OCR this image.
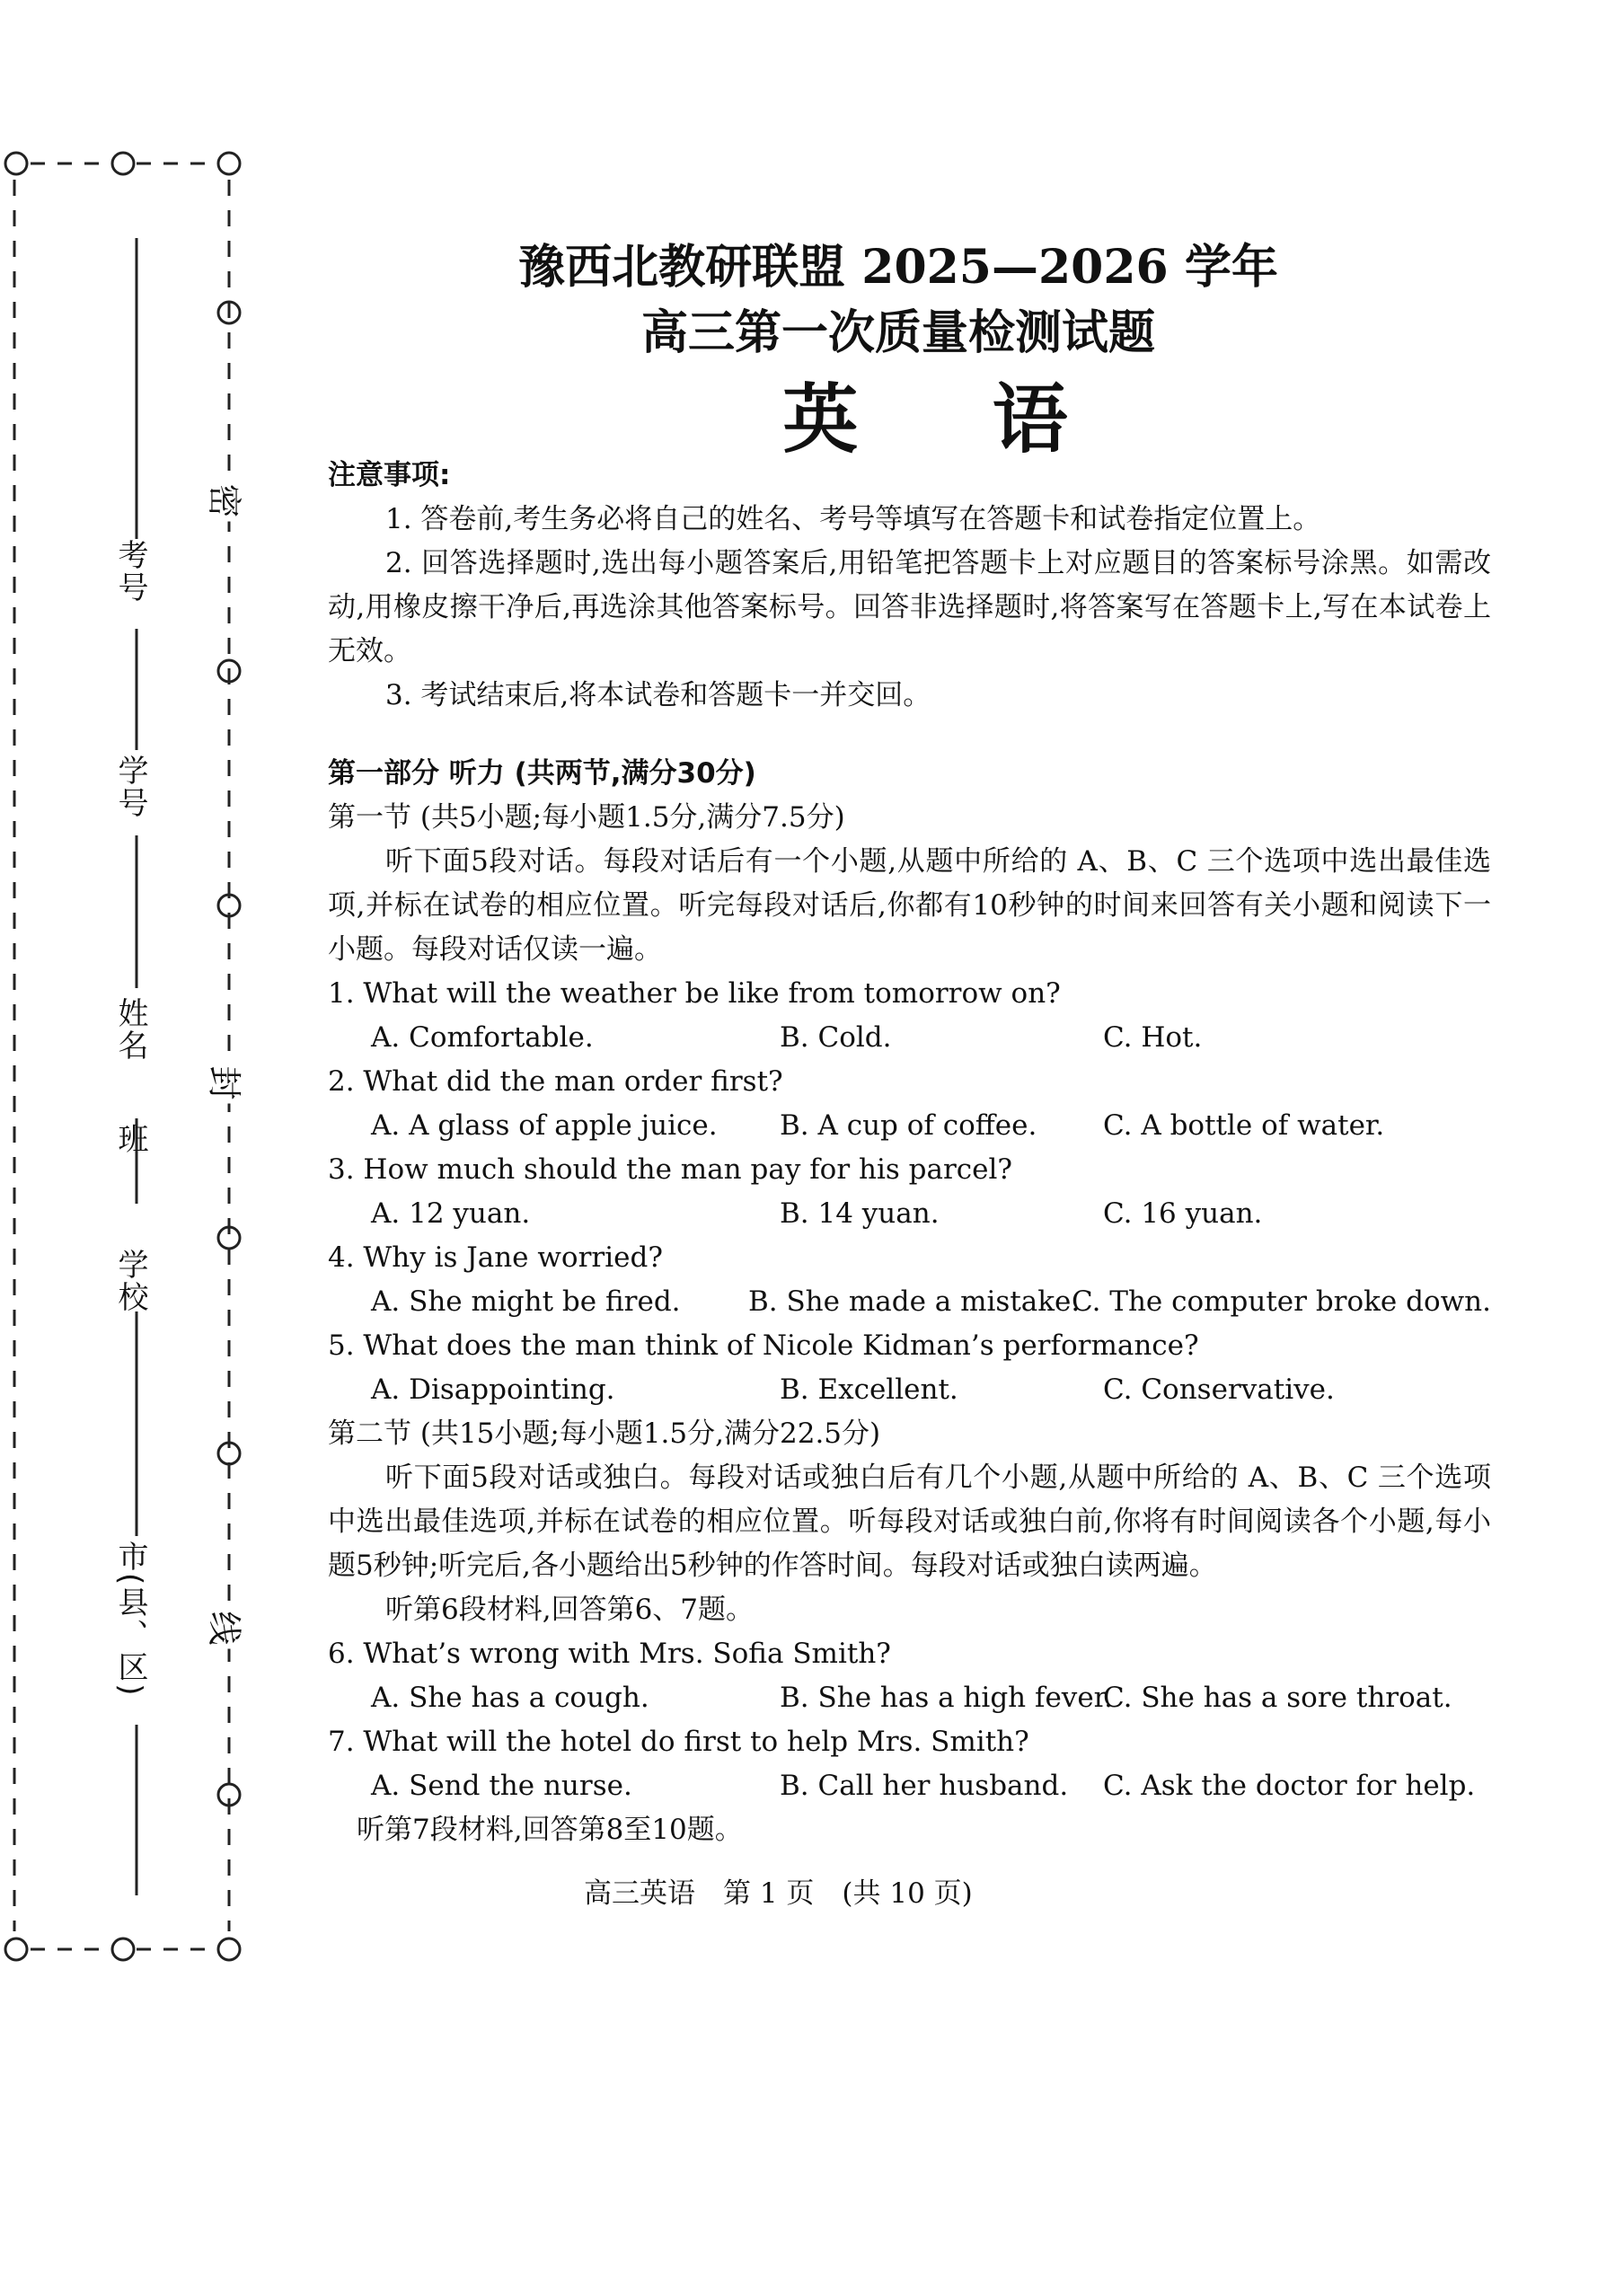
考号
学号
姓名
班
学校
市(县、区)
密
封
线
豫西北教研联盟 2025—2026 学年
高三第一次质量检测试题
英 语

注意事项:

1. 答卷前,考生务必将自己的姓名、考号等填写在答题卡和试卷指定位置上。

2. 回答选择题时,选出每小题答案后,用铅笔把答题卡上对应题目的答案标号涂黑。如需改动,用橡皮擦干净后,再选涂其他答案标号。回答非选择题时,将答案写在答题卡上,写在本试卷上无效。

3. 考试结束后,将本试卷和答题卡一并交回。

第一部分 听力 (共两节,满分30分)

第一节 (共5小题;每小题1.5分,满分7.5分)

听下面5段对话。每段对话后有一个小题,从题中所给的 A、B、C 三个选项中选出最佳选项,并标在试卷的相应位置。听完每段对话后,你都有10秒钟的时间来回答有关小题和阅读下一小题。每段对话仅读一遍。

1. What will the weather be like from tomorrow on?

A. Comfortable.	B. Cold.	C. Hot.

2. What did the man order first?

A. A glass of apple juice.	B. A cup of coffee.	C. A bottle of water.

3. How much should the man pay for his parcel?

A. 12 yuan.	B. 14 yuan.	C. 16 yuan.

4. Why is Jane worried?

A. She might be fired.	B. She made a mistake.
C. The computer broke down.

5. What does the man think of Nicole Kidman’s performance?

A. Disappointing.	B. Excellent.	C. Conservative.

第二节 (共15小题;每小题1.5分,满分22.5分)

听下面5段对话或独白。每段对话或独白后有几个小题,从题中所给的 A、B、C 三个选项中选出最佳选项,并标在试卷的相应位置。听每段对话或独白前,你将有时间阅读各个小题,每小题5秒钟;听完后,各小题给出5秒钟的作答时间。每段对话或独白读两遍。

听第6段材料,回答第6、7题。

6. What’s wrong with Mrs. Sofia Smith?

A. She has a cough.	B. She has a high fever.
C. She has a sore throat.

7. What will the hotel do first to help Mrs. Smith?

A. Send the nurse.	B. Call her husband.	C. Ask the doctor for help.

听第7段材料,回答第8至10题。

高三英语　第 1 页　(共 10 页)
